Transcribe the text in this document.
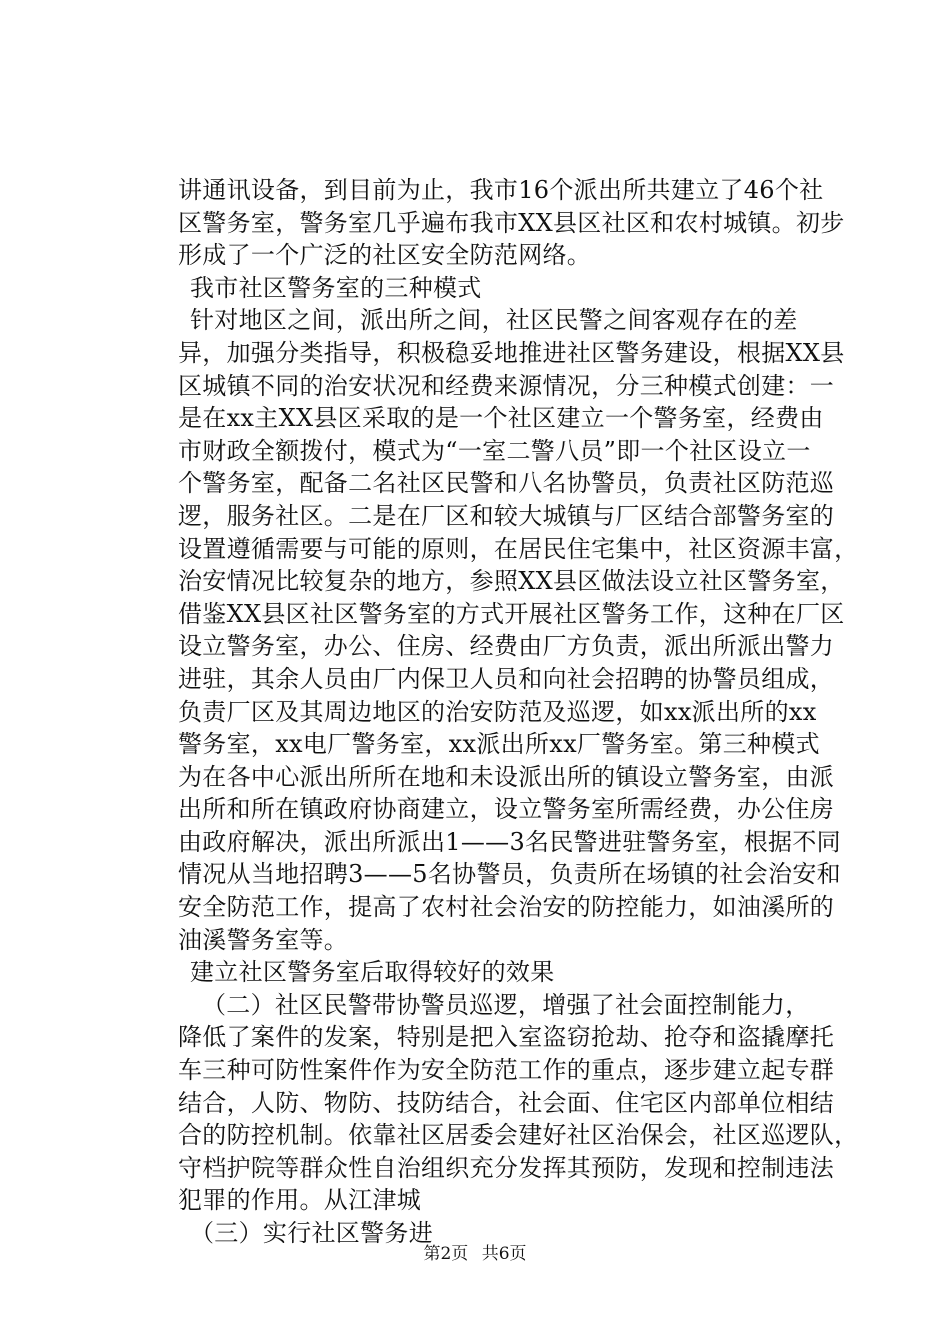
讲通讯设备，到目前为止，我市16个派出所共建立了46个社
区警务室，警务室几乎遍布我市XX县区社区和农村城镇。初步
形成了一个广泛的社区安全防范网络。
我市社区警务室的三种模式
针对地区之间，派出所之间，社区民警之间客观存在的差
异，加强分类指导，积极稳妥地推进社区警务建设，根据XX县
区城镇不同的治安状况和经费来源情况，分三种模式创建：一
是在xx主XX县区采取的是一个社区建立一个警务室，经费由
市财政全额拨付，模式为“一室二警八员”即一个社区设立一
个警务室，配备二名社区民警和八名协警员，负责社区防范巡
逻，服务社区。二是在厂区和较大城镇与厂区结合部警务室的
设置遵循需要与可能的原则，在居民住宅集中，社区资源丰富，
治安情况比较复杂的地方，参照XX县区做法设立社区警务室，
借鉴XX县区社区警务室的方式开展社区警务工作，这种在厂区
设立警务室，办公、住房、经费由厂方负责，派出所派出警力
进驻，其余人员由厂内保卫人员和向社会招聘的协警员组成，
负责厂区及其周边地区的治安防范及巡逻，如xx派出所的xx
警务室，xx电厂警务室，xx派出所xx厂警务室。第三种模式
为在各中心派出所所在地和未设派出所的镇设立警务室，由派
出所和所在镇政府协商建立，设立警务室所需经费，办公住房
由政府解决，派出所派出1——3名民警进驻警务室，根据不同
情况从当地招聘3——5名协警员，负责所在场镇的社会治安和
安全防范工作，提高了农村社会治安的防控能力，如油溪所的
油溪警务室等。
建立社区警务室后取得较好的效果
（二）社区民警带协警员巡逻，增强了社会面控制能力，
降低了案件的发案，特别是把入室盗窃抢劫、抢夺和盗撬摩托
车三种可防性案件作为安全防范工作的重点，逐步建立起专群
结合，人防、物防、技防结合，社会面、住宅区内部单位相结
合的防控机制。依靠社区居委会建好社区治保会，社区巡逻队，
守档护院等群众性自治组织充分发挥其预防，发现和控制违法
犯罪的作用。从江津城
（三）实行社区警务进
第2页 共6页
